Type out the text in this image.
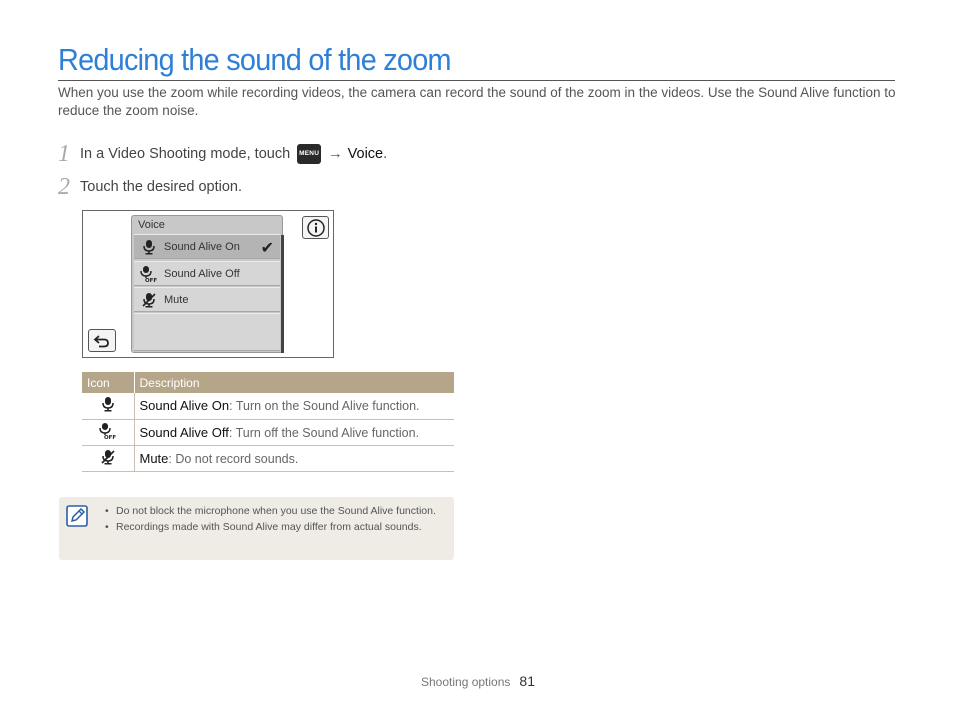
Reducing the sound of the zoom

When you use the zoom while recording videos, the camera can record the sound of the zoom in the videos. Use the Sound Alive function to reduce the zoom noise.

1 In a Video Shooting mode, touch	MENU → Voice .
2 Touch the desired option.
Voice
Sound Alive On ✔
OFF
Sound Alive Off
Mute
Icon	Description
	Sound Alive On: Turn on the Sound Alive function.

OFF	Sound Alive Off: Turn off the Sound Alive function.
	Mute: Do not record sounds.
• Do not block the microphone when you use the Sound Alive function.
• Recordings made with Sound Alive may differ from actual sounds.
Shooting options 81
